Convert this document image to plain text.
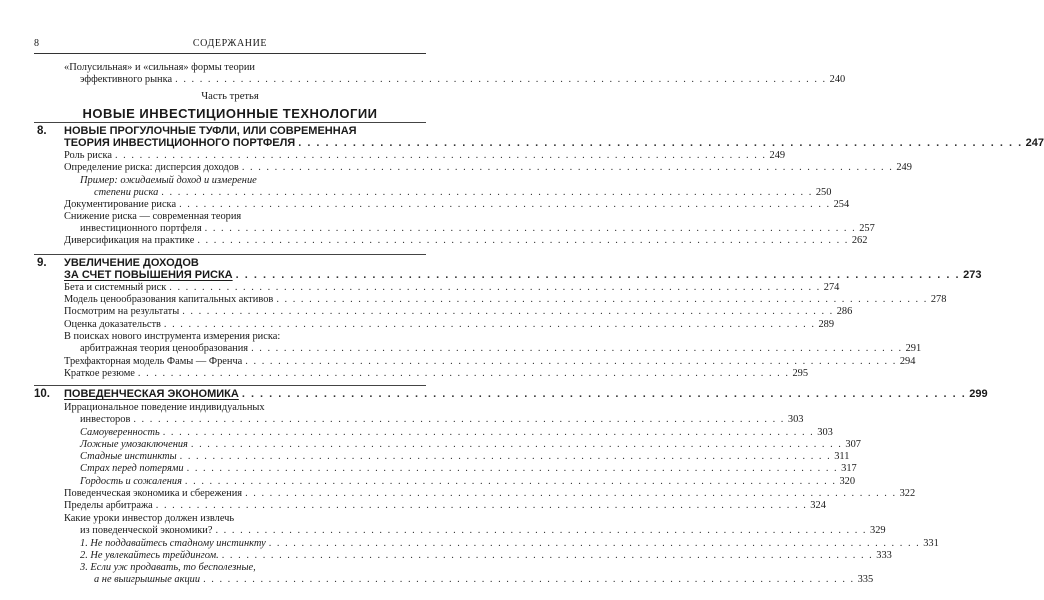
8	СОДЕРЖАНИЕ
«Полусильная» и «сильная» формы теории
эффективного рынка . . . . . . . . . . . . . . . . . . . . . . . . . . . . . . . . . . . . . . . . . . . . . . . . . . . . . . . . . . . . . . . . . . . . . . . . . . . . . . . . 240
Часть третья
НОВЫЕ ИНВЕСТИЦИОННЫЕ ТЕХНОЛОГИИ
8. НОВЫЕ ПРОГУЛОЧНЫЕ ТУФЛИ, ИЛИ СОВРЕМЕННАЯ
ТЕОРИЯ ИНВЕСТИЦИОННОГО ПОРТФЕЛЯ . . . . . . . . . . . . . . . . . . . . . . . . . . . . . . . . . . . . . . . . . . . . . . . . . . . . . . . . . . . . . . . . . . . . . . . . . . . . . . . . 247
Роль риска . . . . . . . . . . . . . . . . . . . . . . . . . . . . . . . . . . . . . . . . . . . . . . . . . . . . . . . . . . . . . . . . . . . . . . . . . . . . . . . . 249
Определение риска: дисперсия доходов . . . . . . . . . . . . . . . . . . . . . . . . . . . . . . . . . . . . . . . . . . . . . . . . . . . . . . . . . . . . . . . . . . . . . . . . . . . . . . . . 249
Пример: ожидаемый доход и измерение
степени риска . . . . . . . . . . . . . . . . . . . . . . . . . . . . . . . . . . . . . . . . . . . . . . . . . . . . . . . . . . . . . . . . . . . . . . . . . . . . . . . . 250
Документирование риска . . . . . . . . . . . . . . . . . . . . . . . . . . . . . . . . . . . . . . . . . . . . . . . . . . . . . . . . . . . . . . . . . . . . . . . . . . . . . . . . 254
Снижение риска — современная теория
инвестиционного портфеля . . . . . . . . . . . . . . . . . . . . . . . . . . . . . . . . . . . . . . . . . . . . . . . . . . . . . . . . . . . . . . . . . . . . . . . . . . . . . . . . 257
Диверсификация на практике . . . . . . . . . . . . . . . . . . . . . . . . . . . . . . . . . . . . . . . . . . . . . . . . . . . . . . . . . . . . . . . . . . . . . . . . . . . . . . . . 262
9. УВЕЛИЧЕНИЕ ДОХОДОВ
ЗА СЧЕТ ПОВЫШЕНИЯ РИСКА . . . . . . . . . . . . . . . . . . . . . . . . . . . . . . . . . . . . . . . . . . . . . . . . . . . . . . . . . . . . . . . . . . . . . . . . . . . . . . . . 273
Бета и системный риск . . . . . . . . . . . . . . . . . . . . . . . . . . . . . . . . . . . . . . . . . . . . . . . . . . . . . . . . . . . . . . . . . . . . . . . . . . . . . . . . 274
Модель ценообразования капитальных активов . . . . . . . . . . . . . . . . . . . . . . . . . . . . . . . . . . . . . . . . . . . . . . . . . . . . . . . . . . . . . . . . . . . . . . . . . . . . . . . . 278
Посмотрим на результаты . . . . . . . . . . . . . . . . . . . . . . . . . . . . . . . . . . . . . . . . . . . . . . . . . . . . . . . . . . . . . . . . . . . . . . . . . . . . . . . . 286
Оценка доказательств . . . . . . . . . . . . . . . . . . . . . . . . . . . . . . . . . . . . . . . . . . . . . . . . . . . . . . . . . . . . . . . . . . . . . . . . . . . . . . . . 289
В поисках нового инструмента измерения риска:
арбитражная теория ценообразования . . . . . . . . . . . . . . . . . . . . . . . . . . . . . . . . . . . . . . . . . . . . . . . . . . . . . . . . . . . . . . . . . . . . . . . . . . . . . . . . 291
Трехфакторная модель Фамы — Френча . . . . . . . . . . . . . . . . . . . . . . . . . . . . . . . . . . . . . . . . . . . . . . . . . . . . . . . . . . . . . . . . . . . . . . . . . . . . . . . . 294
Краткое резюме . . . . . . . . . . . . . . . . . . . . . . . . . . . . . . . . . . . . . . . . . . . . . . . . . . . . . . . . . . . . . . . . . . . . . . . . . . . . . . . . 295
10. ПОВЕДЕНЧЕСКАЯ ЭКОНОМИКА . . . . . . . . . . . . . . . . . . . . . . . . . . . . . . . . . . . . . . . . . . . . . . . . . . . . . . . . . . . . . . . . . . . . . . . . . . . . . . . . 299
Иррациональное поведение индивидуальных
инвесторов . . . . . . . . . . . . . . . . . . . . . . . . . . . . . . . . . . . . . . . . . . . . . . . . . . . . . . . . . . . . . . . . . . . . . . . . . . . . . . . . 303
Самоуверенность . . . . . . . . . . . . . . . . . . . . . . . . . . . . . . . . . . . . . . . . . . . . . . . . . . . . . . . . . . . . . . . . . . . . . . . . . . . . . . . . 303
Ложные умозаключения . . . . . . . . . . . . . . . . . . . . . . . . . . . . . . . . . . . . . . . . . . . . . . . . . . . . . . . . . . . . . . . . . . . . . . . . . . . . . . . . 307
Стадные инстинкты . . . . . . . . . . . . . . . . . . . . . . . . . . . . . . . . . . . . . . . . . . . . . . . . . . . . . . . . . . . . . . . . . . . . . . . . . . . . . . . . 311
Страх перед потерями . . . . . . . . . . . . . . . . . . . . . . . . . . . . . . . . . . . . . . . . . . . . . . . . . . . . . . . . . . . . . . . . . . . . . . . . . . . . . . . . 317
Гордость и сожаления . . . . . . . . . . . . . . . . . . . . . . . . . . . . . . . . . . . . . . . . . . . . . . . . . . . . . . . . . . . . . . . . . . . . . . . . . . . . . . . . 320
Поведенческая экономика и сбережения . . . . . . . . . . . . . . . . . . . . . . . . . . . . . . . . . . . . . . . . . . . . . . . . . . . . . . . . . . . . . . . . . . . . . . . . . . . . . . . . 322
Пределы арбитража . . . . . . . . . . . . . . . . . . . . . . . . . . . . . . . . . . . . . . . . . . . . . . . . . . . . . . . . . . . . . . . . . . . . . . . . . . . . . . . . 324
Какие уроки инвестор должен извлечь
из поведенческой экономики? . . . . . . . . . . . . . . . . . . . . . . . . . . . . . . . . . . . . . . . . . . . . . . . . . . . . . . . . . . . . . . . . . . . . . . . . . . . . . . . . 329
1. Не поддавайтесь стадному инстинкту . . . . . . . . . . . . . . . . . . . . . . . . . . . . . . . . . . . . . . . . . . . . . . . . . . . . . . . . . . . . . . . . . . . . . . . . . . . . . . . . 331
2. Не увлекайтесь трейдингом. . . . . . . . . . . . . . . . . . . . . . . . . . . . . . . . . . . . . . . . . . . . . . . . . . . . . . . . . . . . . . . . . . . . . . . . . . . . . . . . . 333
3. Если уж продавать, то бесполезные,
а не выигрышные акции . . . . . . . . . . . . . . . . . . . . . . . . . . . . . . . . . . . . . . . . . . . . . . . . . . . . . . . . . . . . . . . . . . . . . . . . . . . . . . . . 335
